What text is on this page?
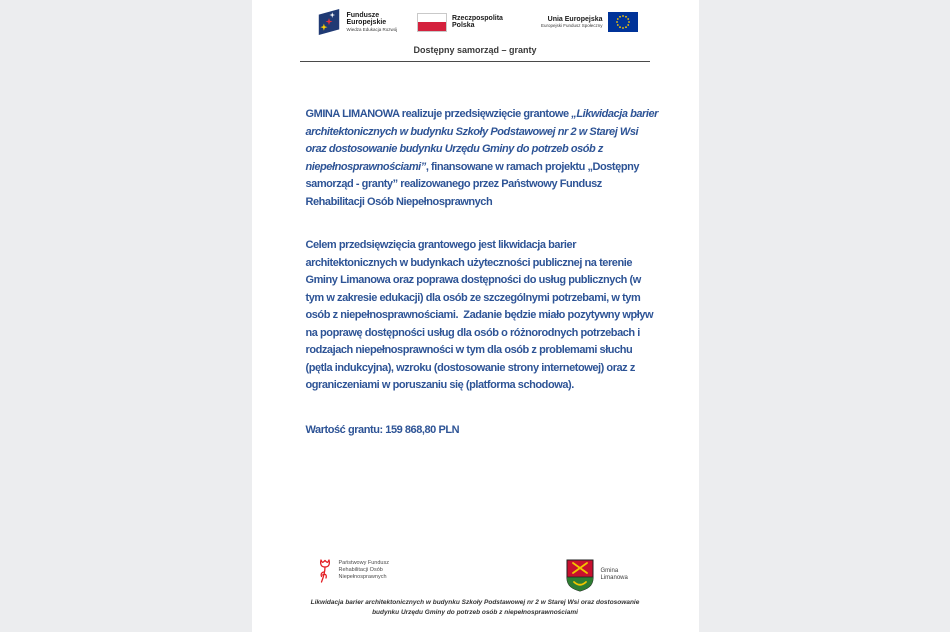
Fundusze Europejskie
Wiedza Edukacja Rozwój
Rzeczpospolita Polska
Unia Europejska
Europejski Fundusz Społeczny
Dostępny samorząd – granty

GMINA LIMANOWA realizuje przedsięwzięcie grantowe „Likwidacja barier architektonicznych w budynku Szkoły Podstawowej nr 2 w Starej Wsi oraz dostosowanie budynku Urzędu Gminy do potrzeb osób z niepełnosprawnościami”, finansowane w ramach projektu „Dostępny samorząd - granty” realizowanego przez Państwowy Fundusz Rehabilitacji Osób Niepełnosprawnych

Celem przedsięwzięcia grantowego jest likwidacja barier architektonicznych w budynkach użyteczności publicznej na terenie Gminy Limanowa oraz poprawa dostępności do usług publicznych (w tym w zakresie edukacji) dla osób ze szczególnymi potrzebami, w tym osób z niepełnosprawnościami.  Zadanie będzie miało pozytywny wpływ na poprawę dostępności usług dla osób o różnorodnych potrzebach i rodzajach niepełnosprawności w tym dla osób z problemami słuchu (pętla indukcyjna), wzroku (dostosowanie strony internetowej) oraz z ograniczeniami w poruszaniu się (platforma schodowa).

Wartość grantu: 159 868,80 PLN

Państwowy Fundusz Rehabilitacji Osób Niepełnosprawnych
Gmina Limanowa
Likwidacja barier architektonicznych w budynku Szkoły Podstawowej nr 2 w Starej Wsi oraz dostosowanie
budynku Urzędu Gminy do potrzeb osób z niepełnosprawnościami
